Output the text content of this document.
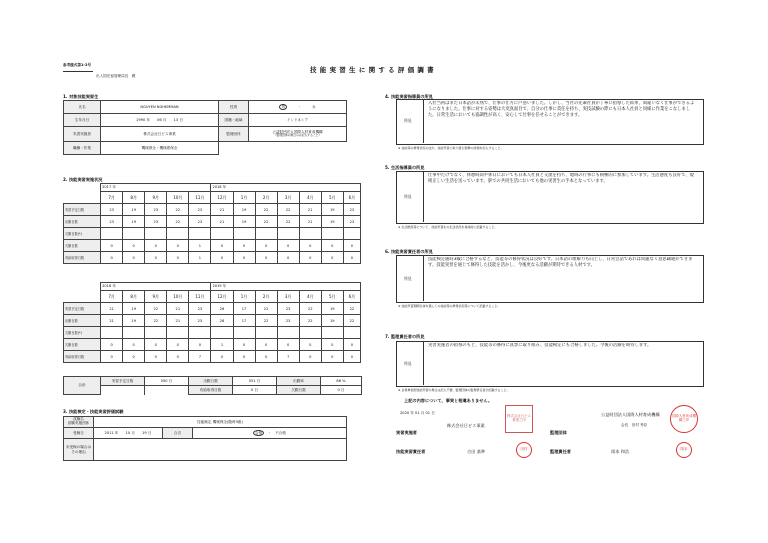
参考様式第1-2号
出入国在留管理局長　殿
技 能 実 習 生 に 関 す る 評 価 調 書
1. 対象技能実習生
氏名	NGUYEN NGHEMMAN	性別	男　　　・　　　女
生年月日	1990 年　　 06 月　　 13 日	国籍・地域	インドネシア
実習実施者	株式会社日ビス事業	監理団体	公益財団法人国際人材育成機構
（監理団体の場合のみ記入すること）

職種・作業	機械保全・機械系保全		
2. 技能実習実施状況
	2017 年					2018 年						
	7月	8月	9月	10月	11月	12月	1月	2月	3月	4月	5月	6月
実習予定日数	23	19	23	22	23	21	19	22	22	21	19	23
出勤日数	23	19	23	22	23	21	19	22	22	21	19	23
欠勤日数(*)												
欠勤日数	0	0	0	0	1	0	0	0	0	0	0	0
有給取得日数	0	0	0	0	1	0	0	0	0	0	0	0
	2018 年					2019 年						
	7月	8月	9月	10月	11月	12月	1月	2月	3月	4月	5月	6月
実習予定日数	21	19	22	21	23	26	17	22	23	22	19	22
出勤日数	21	19	22	21	23	26	17	22	23	22	19	22
欠勤日数(*)												
欠勤日数	0	0	0	0	0	1	0	0	0	0	0	0
有給取得日数	0	0	0	0	7	0	0	0	7	0	0	0
合計	実習予定日数	550 日	出勤日数	551 日	出勤率	86 %
			有給取得日数	0 日	欠勤日数	0 日
3. 技能検定・技能実習評価試験
試験名
試験実施団体	技能検定 機械保全(随時3級)		
受検日	2011 年　　 10 月　　 19 日	合否	合格　・　不合格

未受検の場合は
その理由			

4. 技能実習指導員の所見
所見
入社当初はまだ日本語が未熟で、仕事の仕方に戸惑いました。しかし、当社の先輩社員が丁寧に指導した結果、間違いなく仕事ができるようになりました。仕事に対する姿勢は大変真面目で、自分の仕事に責任を持ち、実技試験の際にも日本人社員と同様に作業をこなしました。日常生活においても協調性が高く、安心して仕事を任せることができます。
※ 技能等の修得状況のほか、技能実習に取り組む姿勢や評価を記入すること。
5. 生活指導員の所見
所見
仕事中だけでなく、休憩時間や休日においても日本人社員と交流を持ち、地域の行事にも積極的に参加しています。生活態度も良好で、規則正しい生活を送っています。寮での共同生活においても他の実習生の手本となっています。
※ 生活態度等について、技能実習生の生活状況を具体的に記載すること。
6. 技能実習責任者の所見
所見
技能検定随時3級に合格するなど、技能等の修得状況は良好です。日本語の理解力も向上し、日常会話であれば問題なく意思疎通ができます。技能実習を通じて修得した技能を活かし、今後更なる活躍が期待できる人材です。
※ 技能実習期間全体を通しての技能等の修得状況等について記載すること。
7. 監理責任者の所見
所見
実習実施者の指導のもと、技能等の修得に真摯に取り組み、技能検定にも合格しました。今後の活躍を期待します。
※ 企業単独型技能実習の場合は記入不要。監理団体の監理責任者が記載すること。
上記の内容について、事実と相違ありません。
2020 年 01 月 01 日
実習実施者
株式会社日ビス事業
株式会社日ビス事業之印
技能実習責任者	吉田 基準	田村
監理団体
公益財団法人国際人材育成機構
会長　田村 秀臣
国際人材育成機構之印
監理責任者	岡本 和浩	岡本
